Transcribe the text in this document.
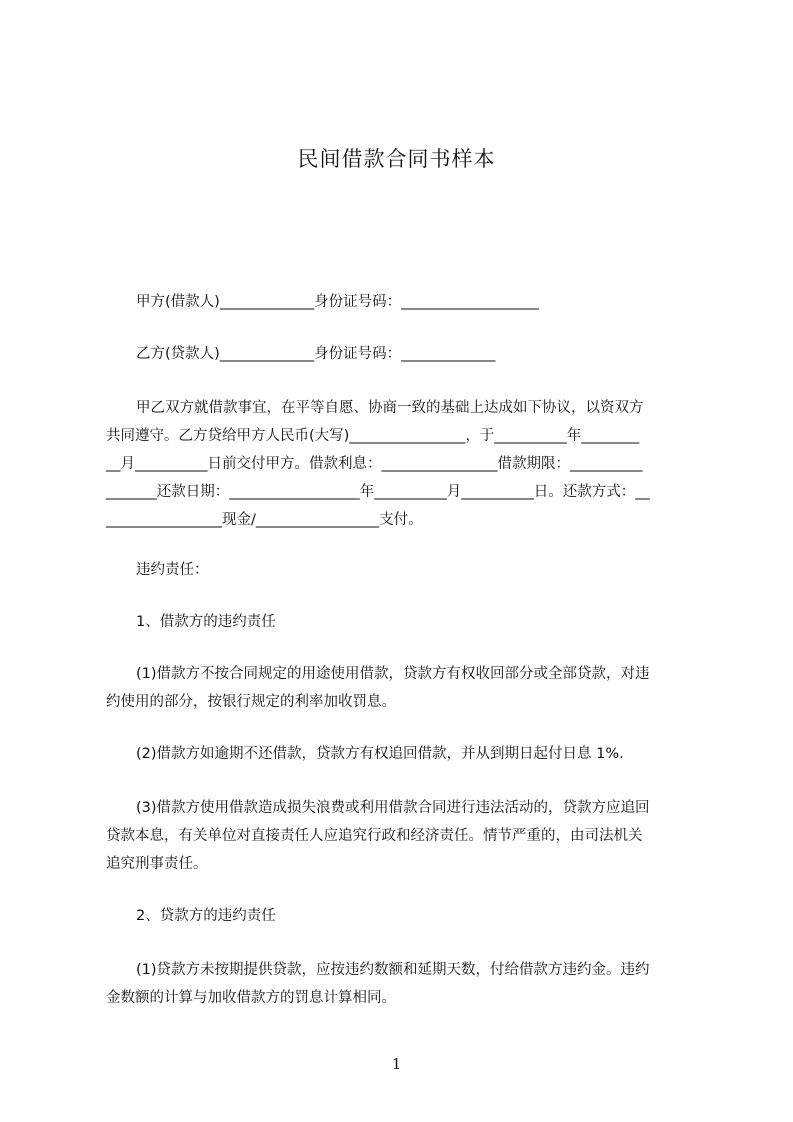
民间借款合同书样本
甲方(借款人)_____________身份证号码：___________________
乙方(贷款人)_____________身份证号码：_____________
甲乙双方就借款事宜，在平等自愿、协商一致的基础上达成如下协议，以资双方
共同遵守。乙方贷给甲方人民币(大写)________________，于__________年________
__月__________日前交付甲方。借款利息：________________借款期限：__________
_______还款日期：__________________年__________月__________日。还款方式：__
________________现金/_________________支付。
违约责任：
1、借款方的违约责任
(1)借款方不按合同规定的用途使用借款，贷款方有权收回部分或全部贷款，对违
约使用的部分，按银行规定的利率加收罚息。
(2)借款方如逾期不还借款，贷款方有权追回借款，并从到期日起付日息 1%.
(3)借款方使用借款造成损失浪费或利用借款合同进行违法活动的，贷款方应追回
贷款本息，有关单位对直接责任人应追究行政和经济责任。情节严重的，由司法机关
追究刑事责任。
2、贷款方的违约责任
(1)贷款方未按期提供贷款，应按违约数额和延期天数，付给借款方违约金。违约
金数额的计算与加收借款方的罚息计算相同。
1
